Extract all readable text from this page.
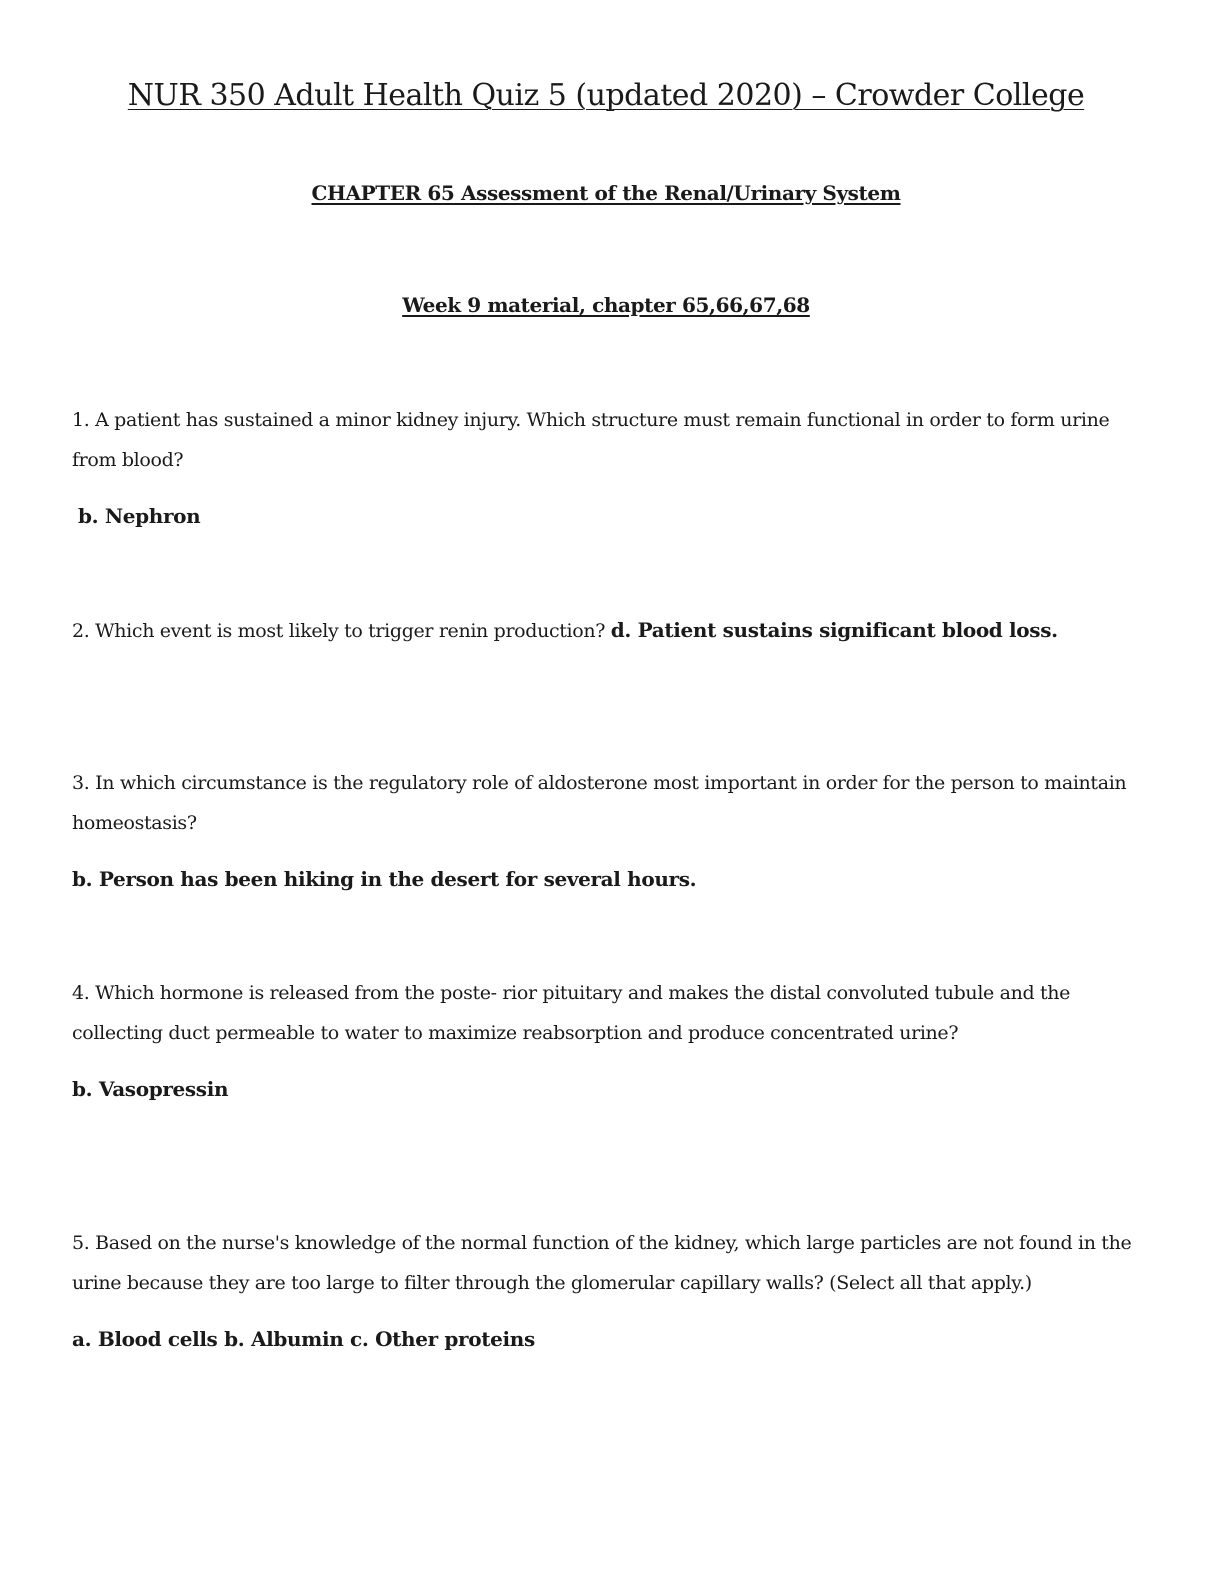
NUR 350 Adult Health Quiz 5 (updated 2020) – Crowder College
CHAPTER 65 Assessment of the Renal/Urinary System
Week 9 material, chapter 65,66,67,68

1. A patient has sustained a minor kidney injury. Which structure must remain functional in order to form urine from blood?

b. Nephron

2. Which event is most likely to trigger renin production? d. Patient sustains significant blood loss.

3. In which circumstance is the regulatory role of aldosterone most important in order for the person to maintain homeostasis?

b. Person has been hiking in the desert for several hours.

4. Which hormone is released from the poste- rior pituitary and makes the distal convoluted tubule and the collecting duct permeable to water to maximize reabsorption and produce concentrated urine?

b. Vasopressin

5. Based on the nurse's knowledge of the normal function of the kidney, which large particles are not found in the urine because they are too large to filter through the glomerular capillary walls? (Select all that apply.)

a. Blood cells b. Albumin c. Other proteins
